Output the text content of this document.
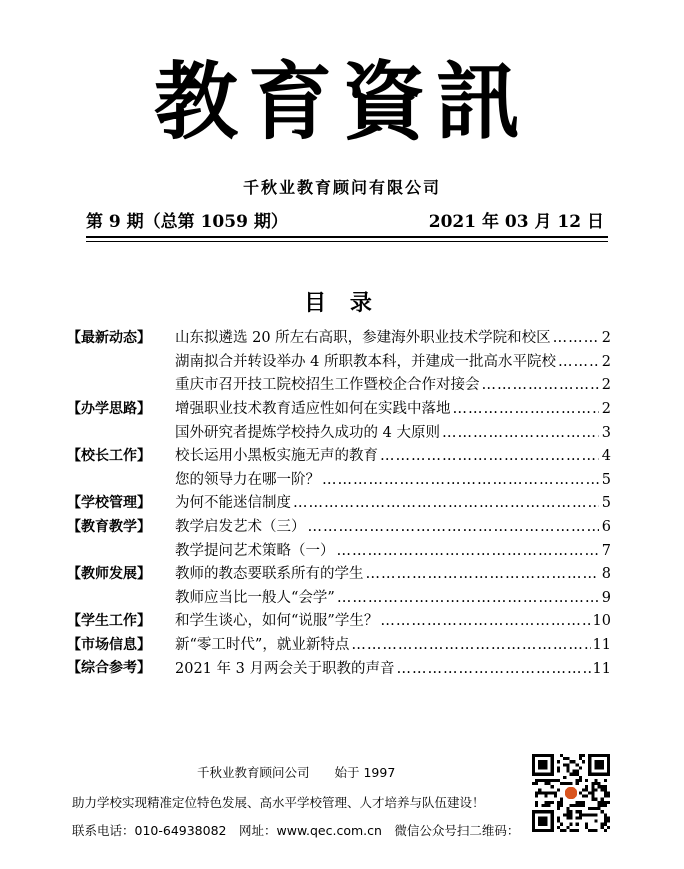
教育資訊
千秋业教育顾问有限公司
第 9 期（总第 1059 期）	2021 年 03 月 12 日
目 录
【最新动态】	山东拟遴选 20 所左右高职，参建海外职业技术学院和校区 …………………………………………………………………………………………………………	2
湖南拟合并转设举办 4 所职教本科，并建成一批高水平院校 …………………………………………………………………………………………………………	2
重庆市召开技工院校招生工作暨校企合作对接会 …………………………………………………………………………………………………………	2
【办学思路】	增强职业技术教育适应性如何在实践中落地 …………………………………………………………………………………………………………	2
国外研究者提炼学校持久成功的 4 大原则 …………………………………………………………………………………………………………	3
【校长工作】	校长运用小黑板实施无声的教育 …………………………………………………………………………………………………………	4
您的领导力在哪一阶？ …………………………………………………………………………………………………………	5
【学校管理】	为何不能迷信制度 …………………………………………………………………………………………………………	5
【教育教学】	教学启发艺术（三） …………………………………………………………………………………………………………	6
教学提问艺术策略（一） …………………………………………………………………………………………………………	7
【教师发展】	教师的教态要联系所有的学生 …………………………………………………………………………………………………………	8
教师应当比一般人“会学” …………………………………………………………………………………………………………	9
【学生工作】	和学生谈心，如何“说服”学生？ …………………………………………………………………………………………………………	10
【市场信息】	新“零工时代”，就业新特点 …………………………………………………………………………………………………………	11
【综合参考】	2021 年 3 月两会关于职教的声音 …………………………………………………………………………………………………………	11
千秋业教育顾问公司　　始于 1997
助力学校实现精准定位特色发展、高水平学校管理、人才培养与队伍建设！
联系电话：010-64938082　网址：www.qec.com.cn　微信公众号扫二维码：
